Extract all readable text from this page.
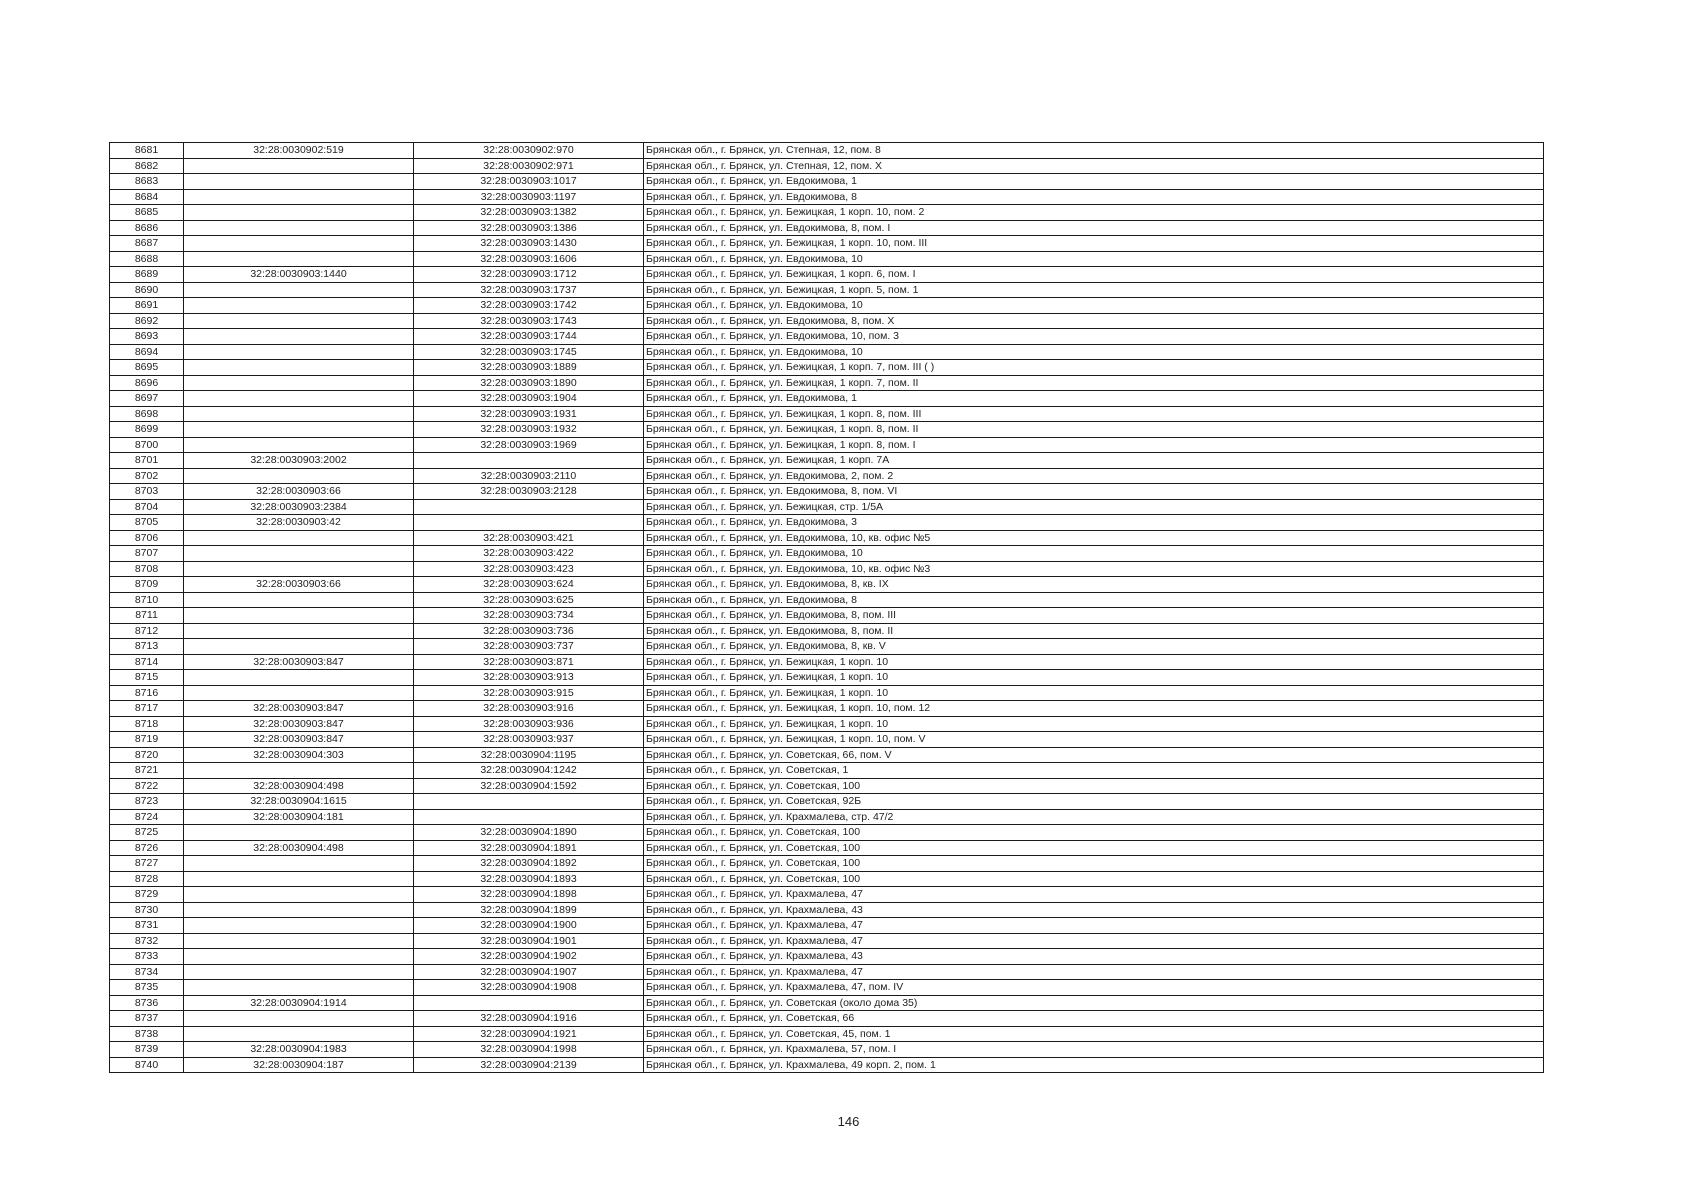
8681	32:28:0030902:519	32:28:0030902:970	Брянская обл., г. Брянск, ул. Степная, 12, пом. 8
8682		32:28:0030902:971	Брянская обл., г. Брянск, ул. Степная, 12, пом. X
8683		32:28:0030903:1017	Брянская обл., г. Брянск, ул. Евдокимова, 1
8684		32:28:0030903:1197	Брянская обл., г. Брянск, ул. Евдокимова, 8
8685		32:28:0030903:1382	Брянская обл., г. Брянск, ул. Бежицкая, 1 корп. 10, пом. 2
8686		32:28:0030903:1386	Брянская обл., г. Брянск, ул. Евдокимова, 8, пом. I
8687		32:28:0030903:1430	Брянская обл., г. Брянск, ул. Бежицкая, 1 корп. 10, пом. III
8688		32:28:0030903:1606	Брянская обл., г. Брянск, ул. Евдокимова, 10
8689	32:28:0030903:1440	32:28:0030903:1712	Брянская обл., г. Брянск, ул. Бежицкая, 1 корп. 6, пом. I
8690		32:28:0030903:1737	Брянская обл., г. Брянск, ул. Бежицкая, 1 корп. 5, пом. 1
8691		32:28:0030903:1742	Брянская обл., г. Брянск, ул. Евдокимова, 10
8692		32:28:0030903:1743	Брянская обл., г. Брянск, ул. Евдокимова, 8, пом. X
8693		32:28:0030903:1744	Брянская обл., г. Брянск, ул. Евдокимова, 10, пом. 3
8694		32:28:0030903:1745	Брянская обл., г. Брянск, ул. Евдокимова, 10
8695		32:28:0030903:1889	Брянская обл., г. Брянск, ул. Бежицкая, 1 корп. 7, пом. III ( )
8696		32:28:0030903:1890	Брянская обл., г. Брянск, ул. Бежицкая, 1 корп. 7, пом. II
8697		32:28:0030903:1904	Брянская обл., г. Брянск, ул. Евдокимова, 1
8698		32:28:0030903:1931	Брянская обл., г. Брянск, ул. Бежицкая, 1 корп. 8, пом. III
8699		32:28:0030903:1932	Брянская обл., г. Брянск, ул. Бежицкая, 1 корп. 8, пом. II
8700		32:28:0030903:1969	Брянская обл., г. Брянск, ул. Бежицкая, 1 корп. 8, пом. I
8701	32:28:0030903:2002		Брянская обл., г. Брянск, ул. Бежицкая, 1 корп. 7А
8702		32:28:0030903:2110	Брянская обл., г. Брянск, ул. Евдокимова, 2, пом. 2
8703	32:28:0030903:66	32:28:0030903:2128	Брянская обл., г. Брянск, ул. Евдокимова, 8, пом. VI
8704	32:28:0030903:2384		Брянская обл., г. Брянск, ул. Бежицкая, стр. 1/5А
8705	32:28:0030903:42		Брянская обл., г. Брянск, ул. Евдокимова, 3
8706		32:28:0030903:421	Брянская обл., г. Брянск, ул. Евдокимова, 10, кв. офис №5
8707		32:28:0030903:422	Брянская обл., г. Брянск, ул. Евдокимова, 10
8708		32:28:0030903:423	Брянская обл., г. Брянск, ул. Евдокимова, 10, кв. офис №3
8709	32:28:0030903:66	32:28:0030903:624	Брянская обл., г. Брянск, ул. Евдокимова, 8, кв. IX
8710		32:28:0030903:625	Брянская обл., г. Брянск, ул. Евдокимова, 8
8711		32:28:0030903:734	Брянская обл., г. Брянск, ул. Евдокимова, 8, пом. III
8712		32:28:0030903:736	Брянская обл., г. Брянск, ул. Евдокимова, 8, пом. II
8713		32:28:0030903:737	Брянская обл., г. Брянск, ул. Евдокимова, 8, кв. V
8714	32:28:0030903:847	32:28:0030903:871	Брянская обл., г. Брянск, ул. Бежицкая, 1 корп. 10
8715		32:28:0030903:913	Брянская обл., г. Брянск, ул. Бежицкая, 1 корп. 10
8716		32:28:0030903:915	Брянская обл., г. Брянск, ул. Бежицкая, 1 корп. 10
8717	32:28:0030903:847	32:28:0030903:916	Брянская обл., г. Брянск, ул. Бежицкая, 1 корп. 10, пом. 12
8718	32:28:0030903:847	32:28:0030903:936	Брянская обл., г. Брянск, ул. Бежицкая, 1 корп. 10
8719	32:28:0030903:847	32:28:0030903:937	Брянская обл., г. Брянск, ул. Бежицкая, 1 корп. 10, пом. V
8720	32:28:0030904:303	32:28:0030904:1195	Брянская обл., г. Брянск, ул. Советская, 66, пом. V
8721		32:28:0030904:1242	Брянская обл., г. Брянск, ул. Советская, 1
8722	32:28:0030904:498	32:28:0030904:1592	Брянская обл., г. Брянск, ул. Советская, 100
8723	32:28:0030904:1615		Брянская обл., г. Брянск, ул. Советская, 92Б
8724	32:28:0030904:181		Брянская обл., г. Брянск, ул. Крахмалева, стр. 47/2
8725		32:28:0030904:1890	Брянская обл., г. Брянск, ул. Советская, 100
8726	32:28:0030904:498	32:28:0030904:1891	Брянская обл., г. Брянск, ул. Советская, 100
8727		32:28:0030904:1892	Брянская обл., г. Брянск, ул. Советская, 100
8728		32:28:0030904:1893	Брянская обл., г. Брянск, ул. Советская, 100
8729		32:28:0030904:1898	Брянская обл., г. Брянск, ул. Крахмалева, 47
8730		32:28:0030904:1899	Брянская обл., г. Брянск, ул. Крахмалева, 43
8731		32:28:0030904:1900	Брянская обл., г. Брянск, ул. Крахмалева, 47
8732		32:28:0030904:1901	Брянская обл., г. Брянск, ул. Крахмалева, 47
8733		32:28:0030904:1902	Брянская обл., г. Брянск, ул. Крахмалева, 43
8734		32:28:0030904:1907	Брянская обл., г. Брянск, ул. Крахмалева, 47
8735		32:28:0030904:1908	Брянская обл., г. Брянск, ул. Крахмалева, 47, пом. IV
8736	32:28:0030904:1914		Брянская обл., г. Брянск, ул. Советская (около дома 35)
8737		32:28:0030904:1916	Брянская обл., г. Брянск, ул. Советская, 66
8738		32:28:0030904:1921	Брянская обл., г. Брянск, ул. Советская, 45, пом. 1
8739	32:28:0030904:1983	32:28:0030904:1998	Брянская обл., г. Брянск, ул. Крахмалева, 57, пом. I
8740	32:28:0030904:187	32:28:0030904:2139	Брянская обл., г. Брянск, ул. Крахмалева, 49 корп. 2, пом. 1
146
